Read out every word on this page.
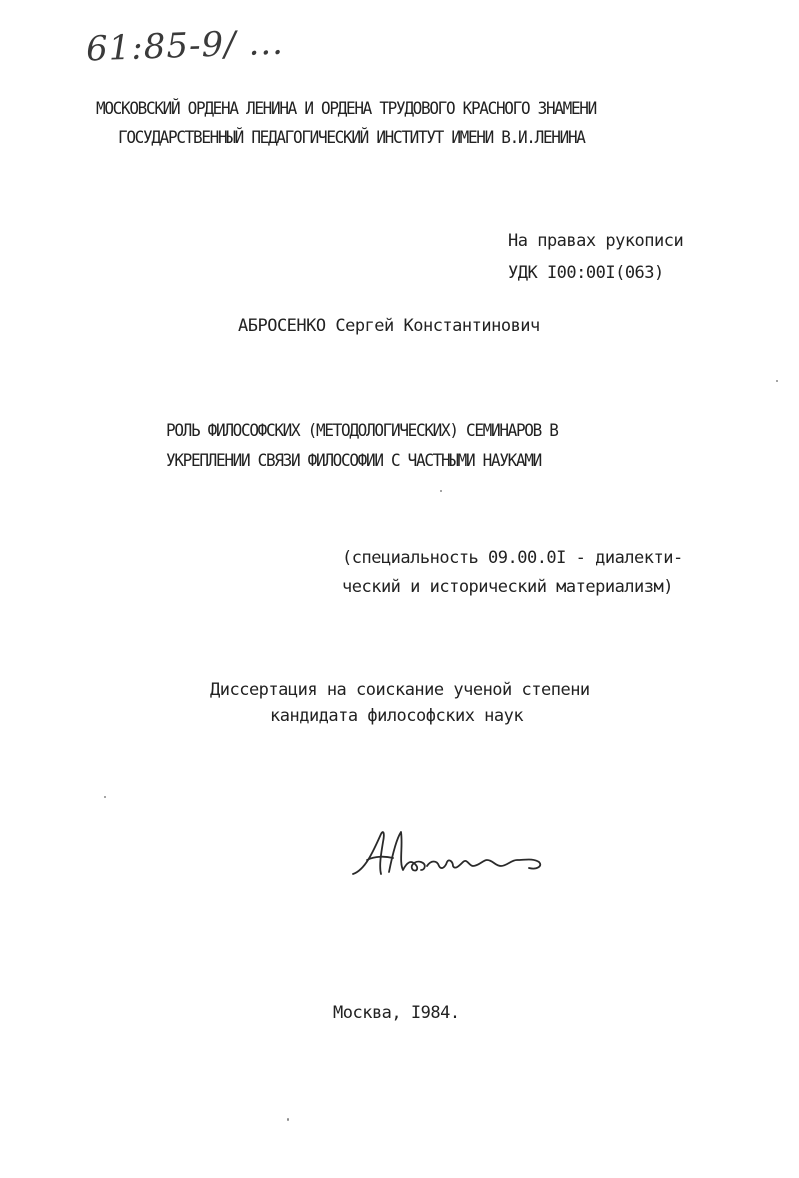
61:85-9/ ...
МОСКОВСКИЙ ОРДЕНА ЛЕНИНА И ОРДЕНА ТРУДОВОГО КРАСНОГО ЗНАМЕНИ
ГОСУДАРСТВЕННЫЙ ПЕДАГОГИЧЕСКИЙ ИНСТИТУТ ИМЕНИ В.И.ЛЕНИНА
На правах рукописи
УДК I00:00I(063)
АБРОСЕНКО Сергей Константинович
РОЛЬ ФИЛОСОФСКИХ (МЕТОДОЛОГИЧЕСКИХ) СЕМИНАРОВ В
УКРЕПЛЕНИИ СВЯЗИ ФИЛОСОФИИ С ЧАСТНЫМИ НАУКАМИ
(специальность 09.00.0I - диалекти-
ческий и исторический материализм)
Диссертация на соискание ученой степени
кандидата философских наук
Москва, I984.
